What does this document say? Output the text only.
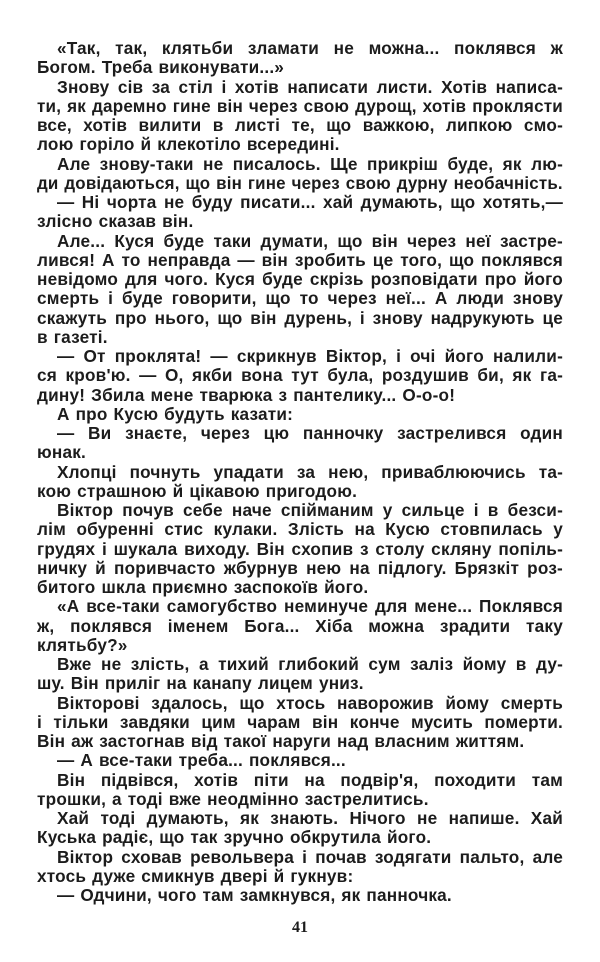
«Так, так, клятьби зламати не можна... поклявся ж
Богом. Треба виконувати...»
Знову сів за стіл і хотів написати листи. Хотів написа-
ти, як даремно гине він через свою дурощ, хотів проклясти
все, хотів вилити в листі те, що важкою, липкою смо-
лою горіло й клекотіло всередині.
Але знову-таки не писалось. Ще прикріш буде, як лю-
ди довідаються, що він гине через свою дурну необачність.
— Ні чорта не буду писати... хай думають, що хотять,—
злісно сказав він.
Але... Куся буде таки думати, що він через неї застре-
лився! А то неправда — він зробить це того, що поклявся
невідомо для чого. Куся буде скрізь розповідати про його
смерть і буде говорити, що то через неї... А люди знову
скажуть про нього, що він дурень, і знову надрукують це
в газеті.
— От проклята! — скрикнув Віктор, і очі його налили-
ся кров'ю. — О, якби вона тут була, роздушив би, як га-
дину! Збила мене тварюка з пантелику... О-о-о!
А про Кусю будуть казати:
— Ви знаєте, через цю панночку застрелився один
юнак.
Хлопці почнуть упадати за нею, приваблюючись та-
кою страшною й цікавою пригодою.
Віктор почув себе наче спійманим у сильце і в безси-
лім обуренні стис кулаки. Злість на Кусю стовпилась у
грудях і шукала виходу. Він схопив з столу скляну попіль-
ничку й поривчасто жбурнув нею на підлогу. Брязкіт роз-
битого шкла приємно заспокоїв його.
«А все-таки самогубство неминуче для мене... Поклявся
ж, поклявся іменем Бога... Хіба можна зрадити таку
клятьбу?»
Вже не злість, а тихий глибокий сум заліз йому в ду-
шу. Він приліг на канапу лицем униз.
Вікторові здалось, що хтось наворожив йому смерть
і тільки завдяки цим чарам він конче мусить померти.
Він аж застогнав від такої наруги над власним життям.
— А все-таки треба... поклявся...
Він підвівся, хотів піти на подвір'я, походити там
трошки, а тоді вже неодмінно застрелитись.
Хай тоді думають, як знають. Нічого не напише. Хай
Куська радіє, що так зручно обкрутила його.
Віктор сховав револьвера і почав зодягати пальто, але
хтось дуже смикнув двері й гукнув:
— Одчини, чого там замкнувся, як панночка.
41
